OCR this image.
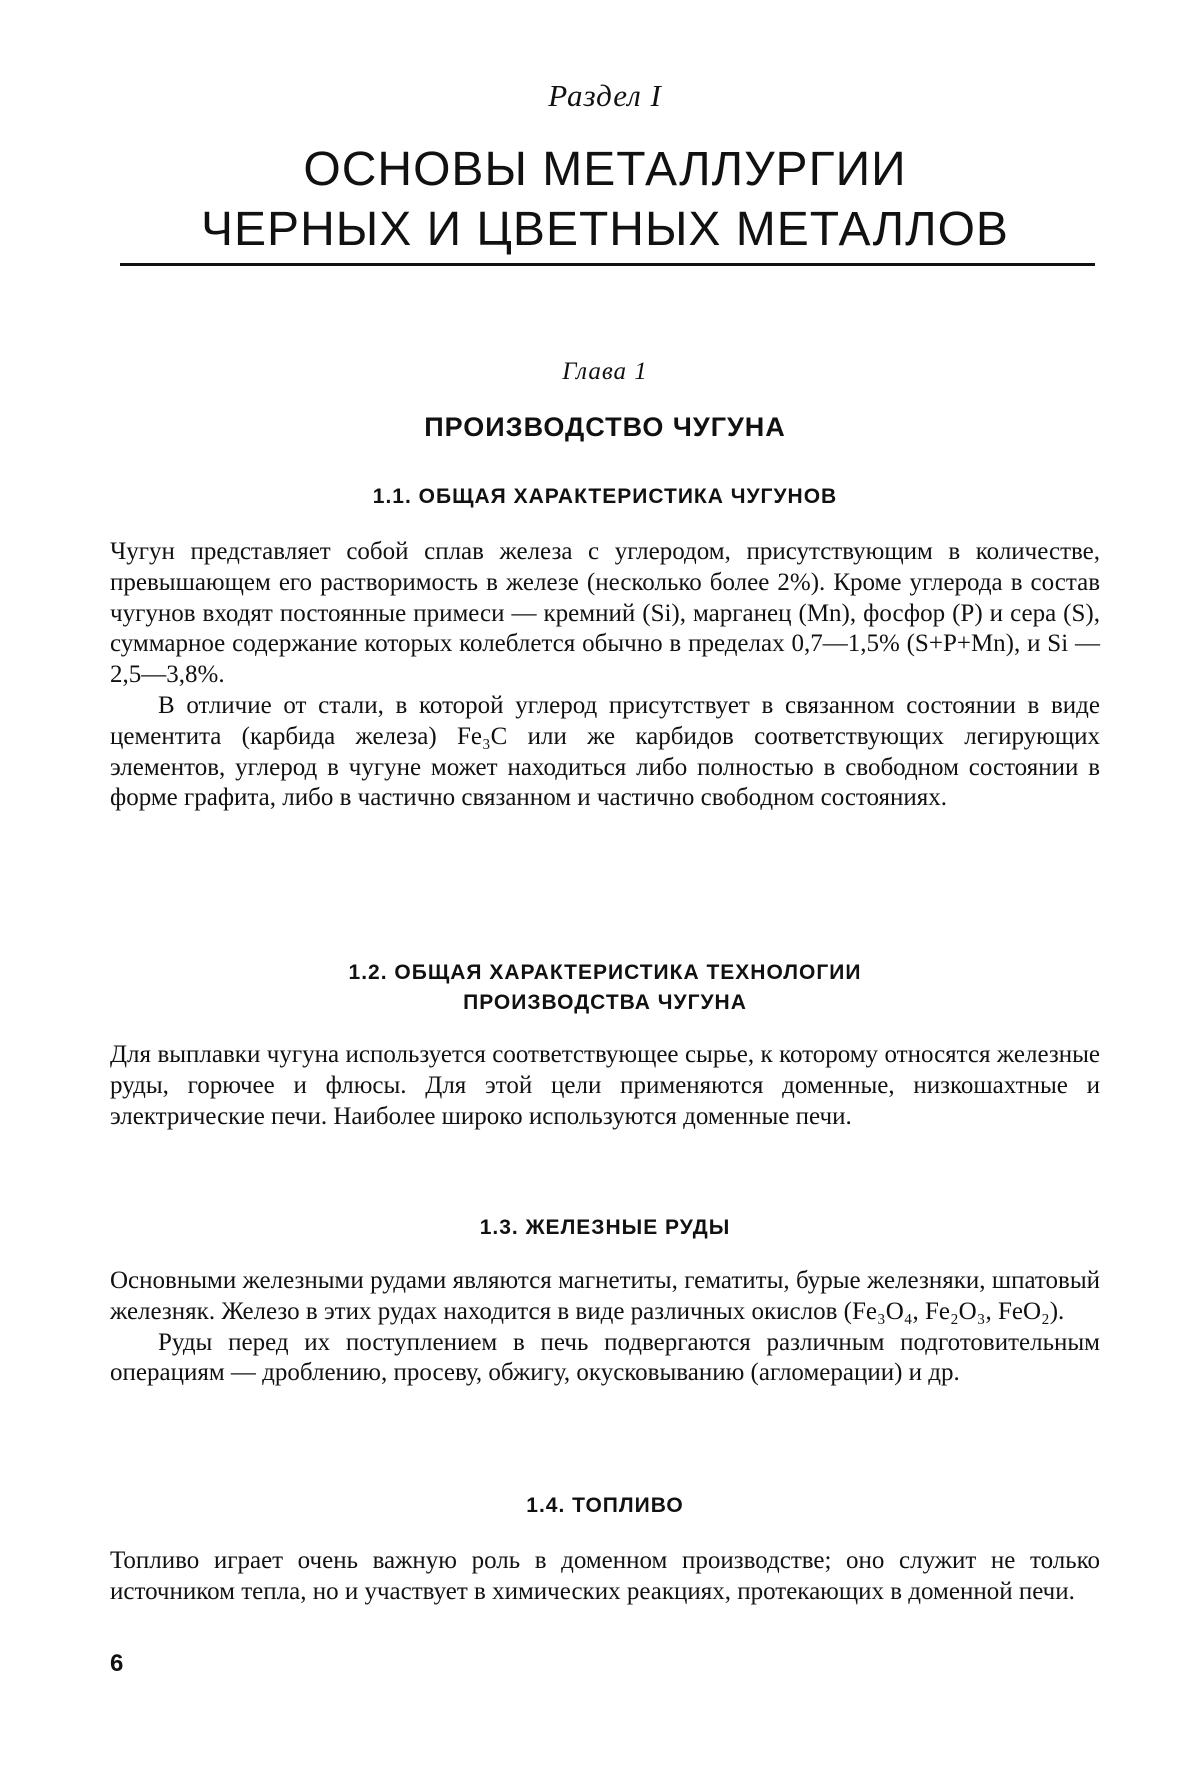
Раздел I
ОСНОВЫ МЕТАЛЛУРГИИ
ЧЕРНЫХ И ЦВЕТНЫХ МЕТАЛЛОВ
Глава 1
ПРОИЗВОДСТВО ЧУГУНА
1.1. ОБЩАЯ ХАРАКТЕРИСТИКА ЧУГУНОВ

Чугун представляет собой сплав железа с углеродом, присутствующим в количестве, превышающем его растворимость в железе (несколько более 2%). Кроме углерода в состав чугунов входят постоянные примеси — кремний (Si), марганец (Mn), фосфор (P) и сера (S), суммарное содержание которых колеблется обычно в пределах 0,7—1,5% (S+P+Mn), и Si — 2,5—3,8%.

В отличие от стали, в которой углерод присутствует в связанном состоянии в виде цементита (карбида железа) Fe₃C или же карбидов соответствующих легирующих элементов, углерод в чугуне может находиться либо полностью в свободном состоянии в форме графита, либо в частично связанном и частично свободном состояниях.

1.2. ОБЩАЯ ХАРАКТЕРИСТИКА ТЕХНОЛОГИИ
ПРОИЗВОДСТВА ЧУГУНА

Для выплавки чугуна используется соответствующее сырье, к которому относятся железные руды, горючее и флюсы. Для этой цели применяются доменные, низкошахтные и электрические печи. Наиболее широко используются доменные печи.

1.3. ЖЕЛЕЗНЫЕ РУДЫ

Основными железными рудами являются магнетиты, гематиты, бурые железняки, шпатовый железняк. Железо в этих рудах находится в виде различных окислов (Fe₃O₄, Fe₂O₃, FeO₂).

Руды перед их поступлением в печь подвергаются различным подготовительным операциям — дроблению, просеву, обжигу, окусковыванию (агломерации) и др.

1.4. ТОПЛИВО

Топливо играет очень важную роль в доменном производстве; оно служит не только источником тепла, но и участвует в химических реакциях, протекающих в доменной печи.

6
